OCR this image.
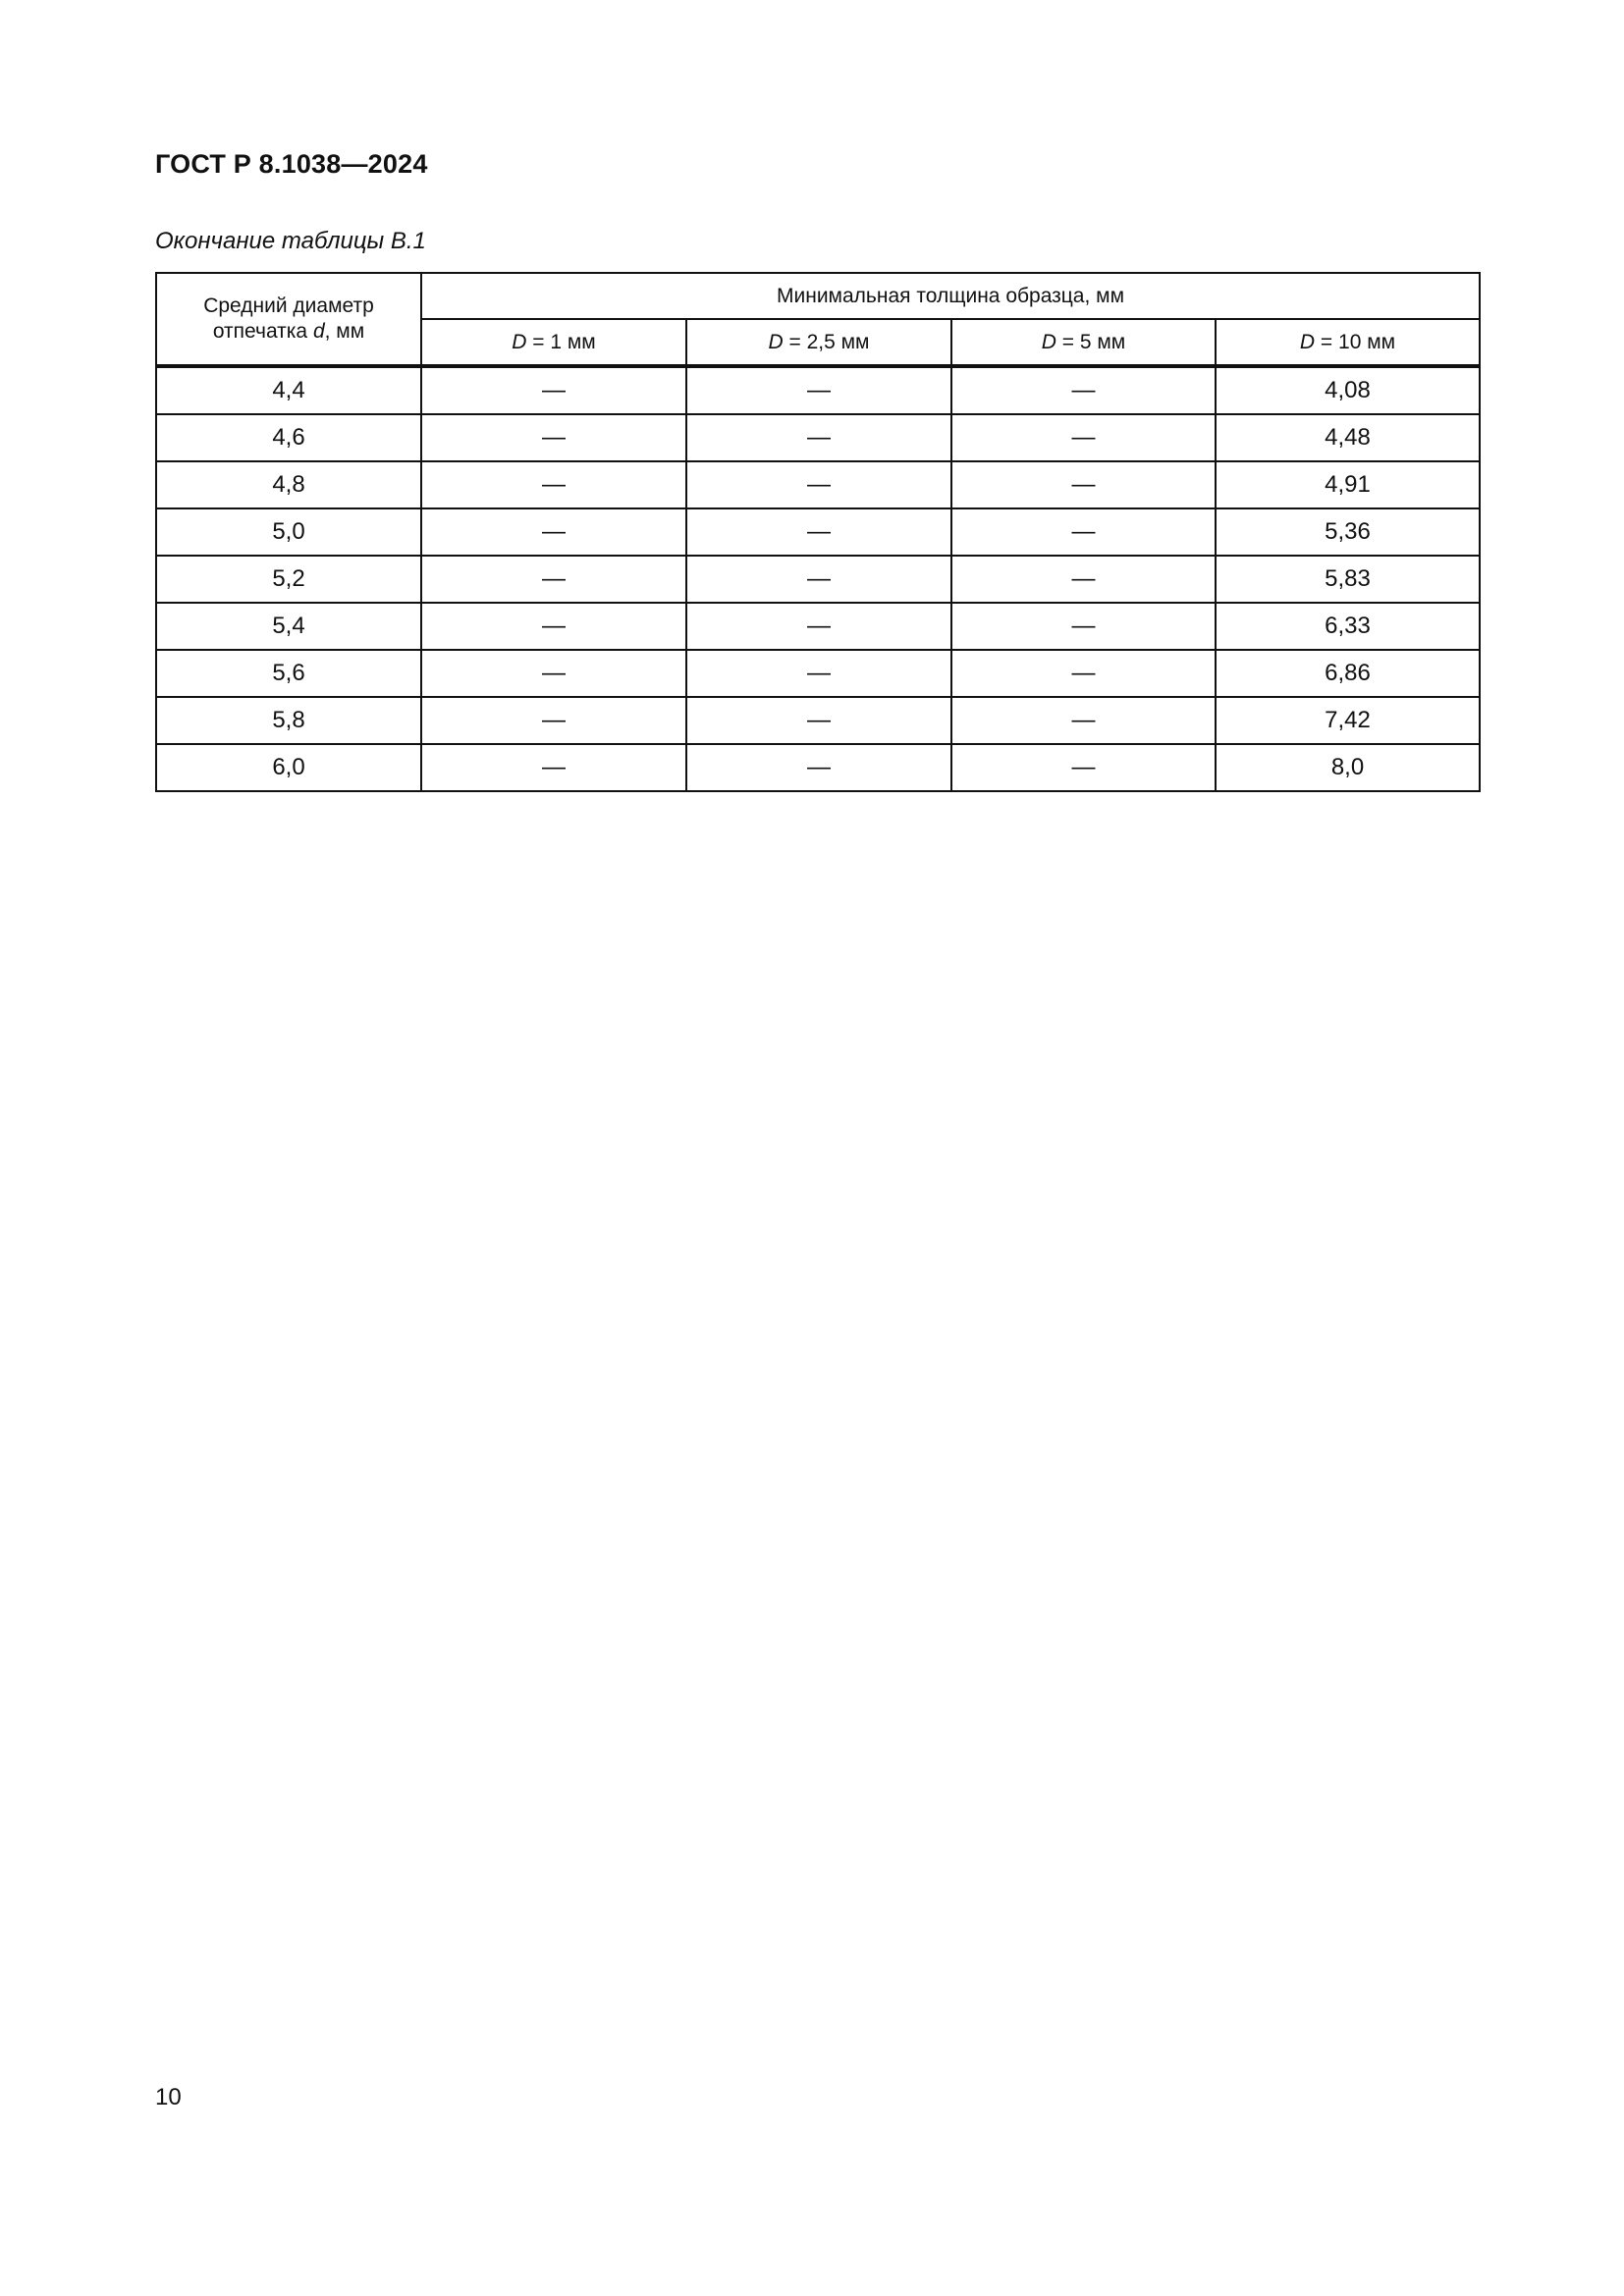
ГОСТ Р 8.1038—2024
Окончание таблицы В.1
Средний диаметр
отпечатка d, мм	Минимальная толщина образца, мм			
	D = 1 мм	D = 2,5 мм	D = 5 мм	D = 10 мм
4,4	—	—	—	4,08
4,6	—	—	—	4,48
4,8	—	—	—	4,91
5,0	—	—	—	5,36
5,2	—	—	—	5,83
5,4	—	—	—	6,33
5,6	—	—	—	6,86
5,8	—	—	—	7,42
6,0	—	—	—	8,0
10
